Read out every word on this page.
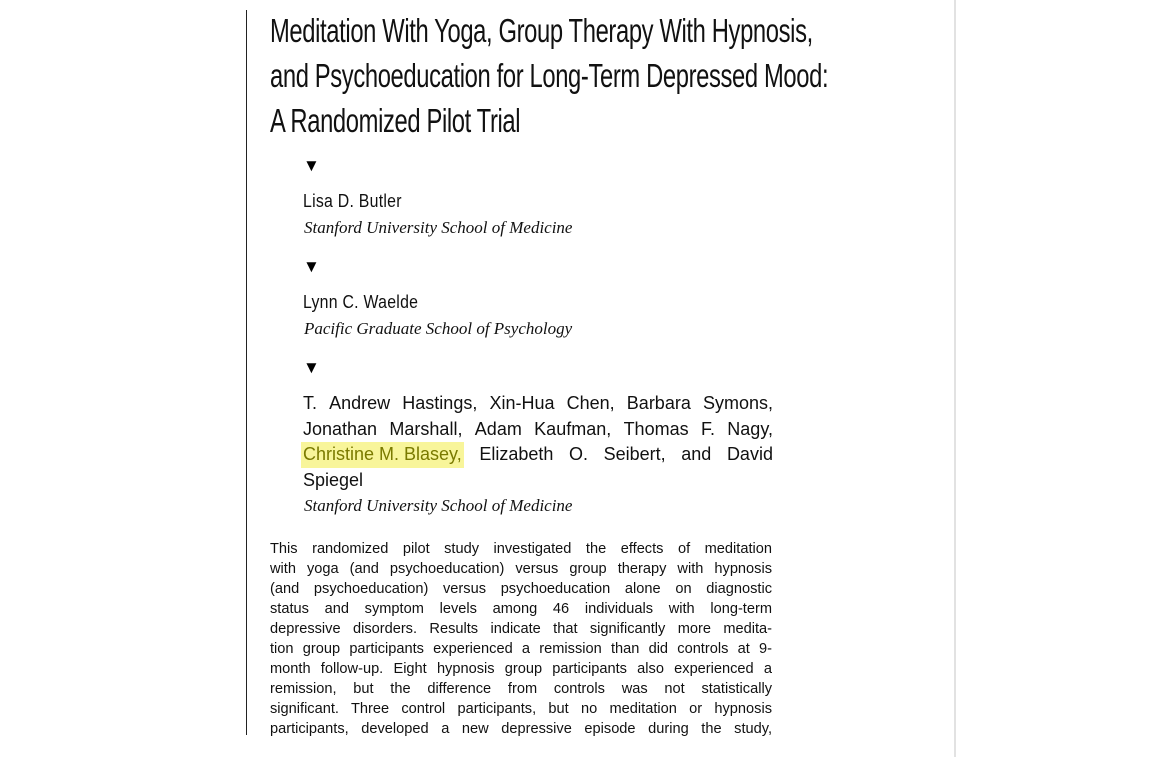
Meditation With Yoga, Group Therapy With Hypnosis,
and Psychoeducation for Long-Term Depressed Mood:
A Randomized Pilot Trial
▼
Lisa D. Butler
Stanford University School of Medicine
▼
Lynn C. Waelde
Pacific Graduate School of Psychology
▼
T. Andrew Hastings, Xin-Hua Chen, Barbara Symons,
Jonathan Marshall, Adam Kaufman, Thomas F. Nagy,
Christine M. Blasey, Elizabeth O. Seibert, and David
Spiegel
Stanford University School of Medicine
This randomized pilot study investigated the effects of meditation
with yoga (and psychoeducation) versus group therapy with hypnosis
(and psychoeducation) versus psychoeducation alone on diagnostic
status and symptom levels among 46 individuals with long-term
depressive disorders. Results indicate that significantly more medita-
tion group participants experienced a remission than did controls at 9-
month follow-up. Eight hypnosis group participants also experienced a
remission, but the difference from controls was not statistically
significant. Three control participants, but no meditation or hypnosis
participants, developed a new depressive episode during the study,
